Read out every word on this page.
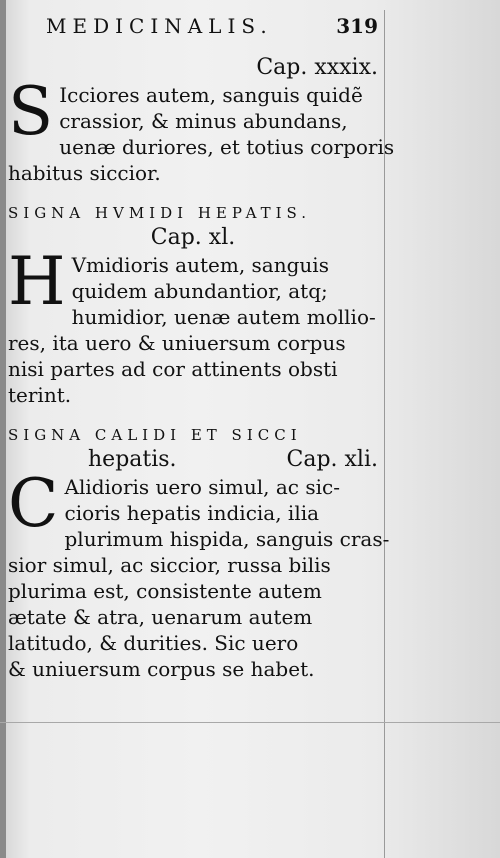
MEDICINALIS.	319
Cap. xxxix.
S Icciores autem, sanguis quidẽ
crassior, & minus abundans,
uenæ duriores, et totius corporis
habitus siccior.
SIGNA HVMIDI HEPATIS.
Cap. xl.
H Vmidioris autem, sanguis
quidem abundantior, atq;
humidior, uenæ autem mollio-
res, ita uero & uniuersum corpus
nisi partes ad cor attinents obsti
terint.
SIGNA CALIDI ET SICCI
hepatis.	Cap. xli.
C Alidioris uero simul, ac sic-
cioris hepatis indicia, ilia
plurimum hispida, sanguis cras-
sior simul, ac siccior, russa bilis
plurima est, consistente autem
ætate & atra, uenarum autem
latitudo, & durities. Sic uero
& uniuersum corpus se habet.
